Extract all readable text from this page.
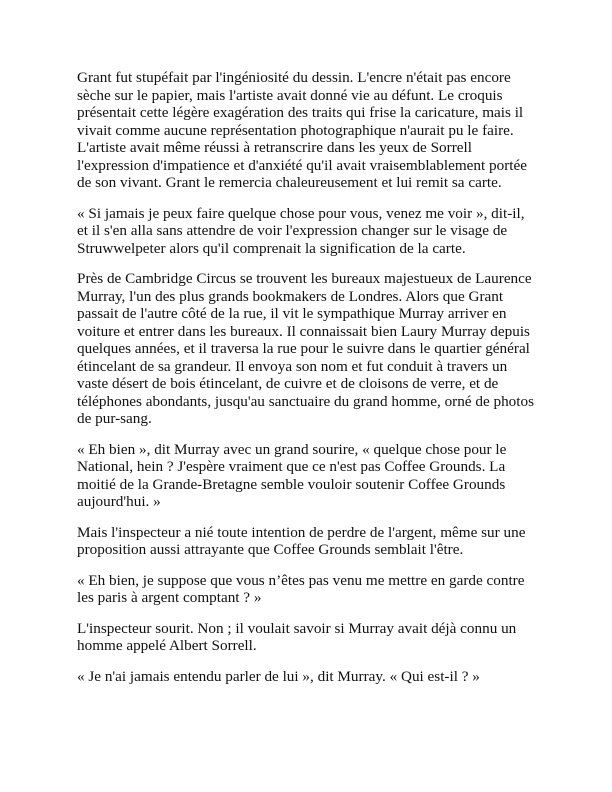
Grant fut stupéfait par l'ingéniosité du dessin. L'encre n'était pas encore sèche sur le papier, mais l'artiste avait donné vie au défunt. Le croquis présentait cette légère exagération des traits qui frise la caricature, mais il vivait comme aucune représentation photographique n'aurait pu le faire. L'artiste avait même réussi à retranscrire dans les yeux de Sorrell l'expression d'impatience et d'anxiété qu'il avait vraisemblablement portée de son vivant. Grant le remercia chaleureusement et lui remit sa carte.

« Si jamais je peux faire quelque chose pour vous, venez me voir », dit-il, et il s'en alla sans attendre de voir l'expression changer sur le visage de Struwwelpeter alors qu'il comprenait la signification de la carte.

Près de Cambridge Circus se trouvent les bureaux majestueux de Laurence Murray, l'un des plus grands bookmakers de Londres. Alors que Grant passait de l'autre côté de la rue, il vit le sympathique Murray arriver en voiture et entrer dans les bureaux. Il connaissait bien Laury Murray depuis quelques années, et il traversa la rue pour le suivre dans le quartier général étincelant de sa grandeur. Il envoya son nom et fut conduit à travers un vaste désert de bois étincelant, de cuivre et de cloisons de verre, et de téléphones abondants, jusqu'au sanctuaire du grand homme, orné de photos de pur-sang.

« Eh bien », dit Murray avec un grand sourire, « quelque chose pour le National, hein ? J'espère vraiment que ce n'est pas Coffee Grounds. La moitié de la Grande-Bretagne semble vouloir soutenir Coffee Grounds aujourd'hui. »

Mais l'inspecteur a nié toute intention de perdre de l'argent, même sur une proposition aussi attrayante que Coffee Grounds semblait l'être.

« Eh bien, je suppose que vous n’êtes pas venu me mettre en garde contre les paris à argent comptant ? »

L'inspecteur sourit. Non ; il voulait savoir si Murray avait déjà connu un homme appelé Albert Sorrell.

« Je n'ai jamais entendu parler de lui », dit Murray. « Qui est-il ? »
